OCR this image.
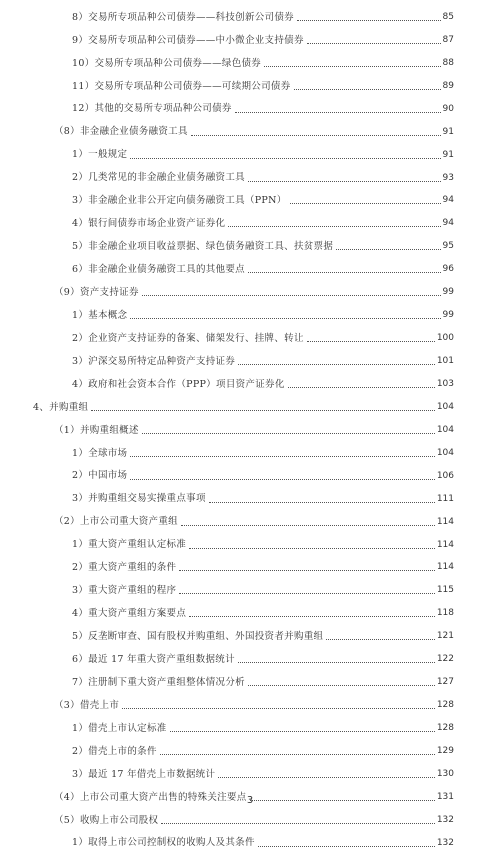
8）交易所专项品种公司债券——科技创新公司债券	85
9）交易所专项品种公司债券——中小微企业支持债券	87
10）交易所专项品种公司债券——绿色债券	88
11）交易所专项品种公司债券——可续期公司债券	89
12）其他的交易所专项品种公司债券	90
（8）非金融企业债务融资工具	91
1）一般规定	91
2）几类常见的非金融企业债务融资工具	93
3）非金融企业非公开定向债务融资工具（PPN）	94
4）银行间债券市场企业资产证券化	94
5）非金融企业项目收益票据、绿色债务融资工具、扶贫票据	95
6）非金融企业债务融资工具的其他要点	96
（9）资产支持证券	99
1）基本概念	99
2）企业资产支持证券的备案、储架发行、挂牌、转让	100
3）沪深交易所特定品种资产支持证券	101
4）政府和社会资本合作（PPP）项目资产证券化	103
4、并购重组	104
（1）并购重组概述	104
1）全球市场	104
2）中国市场	106
3）并购重组交易实操重点事项	111
（2）上市公司重大资产重组	114
1）重大资产重组认定标准	114
2）重大资产重组的条件	114
3）重大资产重组的程序	115
4）重大资产重组方案要点	118
5）反垄断审查、国有股权并购重组、外国投资者并购重组	121
6）最近 17 年重大资产重组数据统计	122
7）注册制下重大资产重组整体情况分析	127
（3）借壳上市	128
1）借壳上市认定标准	128
2）借壳上市的条件	129
3）最近 17 年借壳上市数据统计	130
（4）上市公司重大资产出售的特殊关注要点	131
（5）收购上市公司股权	132
1）取得上市公司控制权的收购人及其条件	132
3
